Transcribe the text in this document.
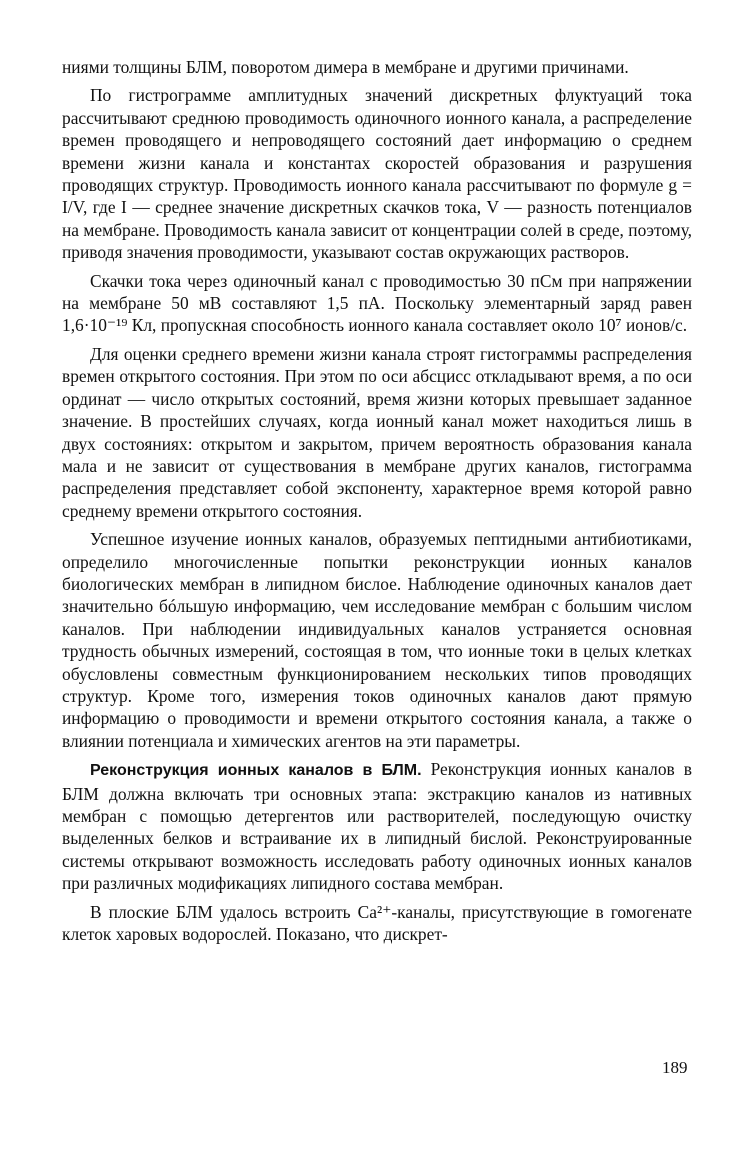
ниями толщины БЛМ, поворотом димера в мембране и другими причинами.

По гистрограмме амплитудных значений дискретных флуктуаций тока рассчитывают среднюю проводимость одиночного ионного канала, а распределение времен проводящего и непроводящего состояний дает информацию о среднем времени жизни канала и константах скоростей образования и разрушения проводящих структур. Проводимость ионного канала рассчитывают по формуле g = I/V, где I — среднее значение дискретных скачков тока, V — разность потенциалов на мембране. Проводимость канала зависит от концентрации солей в среде, поэтому, приводя значения проводимости, указывают состав окружающих растворов.

Скачки тока через одиночный канал с проводимостью 30 пСм при напряжении на мембране 50 мВ составляют 1,5 пА. Поскольку элементарный заряд равен 1,6·10⁻¹⁹ Кл, пропускная способность ионного канала составляет около 10⁷ ионов/с.

Для оценки среднего времени жизни канала строят гистограммы распределения времен открытого состояния. При этом по оси абсцисс откладывают время, а по оси ординат — число открытых состояний, время жизни которых превышает заданное значение. В простейших случаях, когда ионный канал может находиться лишь в двух состояниях: открытом и закрытом, причем вероятность образования канала мала и не зависит от существования в мембране других каналов, гистограмма распределения представляет собой экспоненту, характерное время которой равно среднему времени открытого состояния.

Успешное изучение ионных каналов, образуемых пептидными антибиотиками, определило многочисленные попытки реконструкции ионных каналов биологических мембран в липидном бислое. Наблюдение одиночных каналов дает значительно бóльшую информацию, чем исследование мембран с большим числом каналов. При наблюдении индивидуальных каналов устраняется основная трудность обычных измерений, состоящая в том, что ионные токи в целых клетках обусловлены совместным функционированием нескольких типов проводящих структур. Кроме того, измерения токов одиночных каналов дают прямую информацию о проводимости и времени открытого состояния канала, а также о влиянии потенциала и химических агентов на эти параметры.

Реконструкция ионных каналов в БЛМ. Реконструкция ионных каналов в БЛМ должна включать три основных этапа: экстракцию каналов из нативных мембран с помощью детергентов или растворителей, последующую очистку выделенных белков и встраивание их в липидный бислой. Реконструированные системы открывают возможность исследовать работу одиночных ионных каналов при различных модификациях липидного состава мембран.

В плоские БЛМ удалось встроить Ca²⁺-каналы, присутствующие в гомогенате клеток харовых водорослей. Показано, что дискрет-

189
